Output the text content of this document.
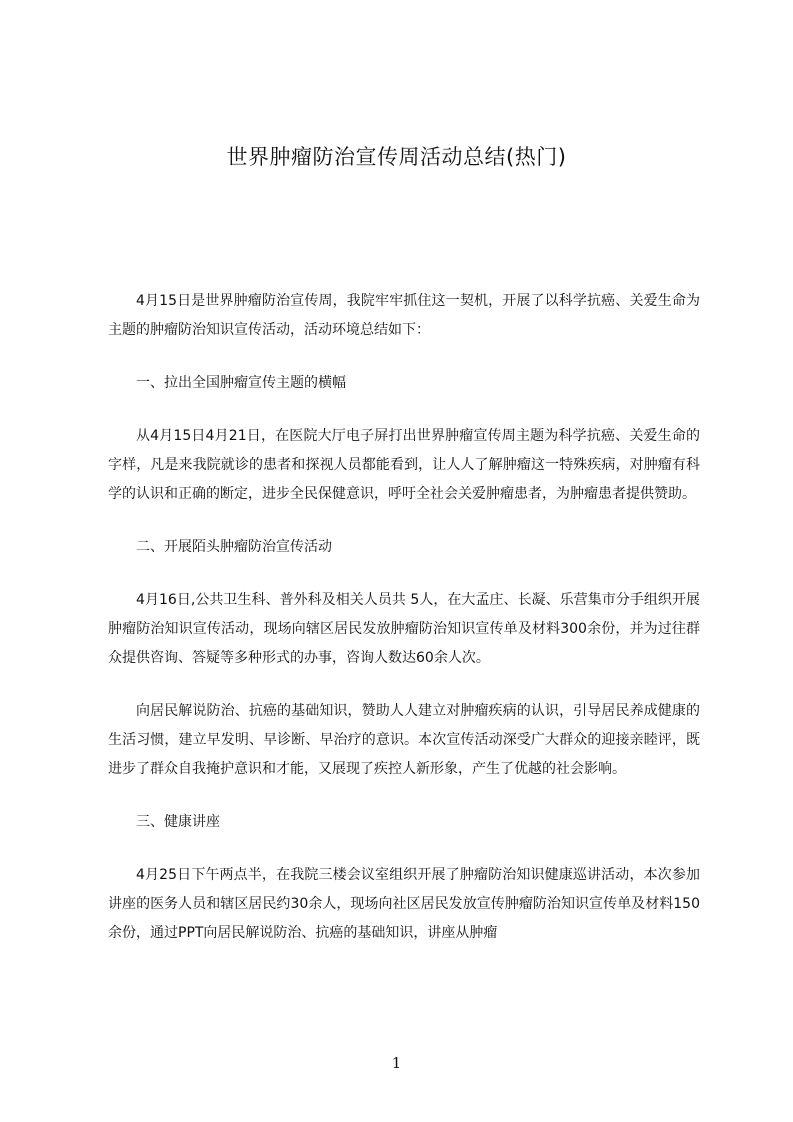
世界肿瘤防治宣传周活动总结(热门)

4月15日是世界肿瘤防治宣传周，我院牢牢抓住这一契机，开展了以科学抗癌、关爱生命为主题的肿瘤防治知识宣传活动，活动环境总结如下：

一、拉出全国肿瘤宣传主题的横幅

从4月15日4月21日，在医院大厅电子屏打出世界肿瘤宣传周主题为科学抗癌、关爱生命的字样，凡是来我院就诊的患者和探视人员都能看到，让人人了解肿瘤这一特殊疾病，对肿瘤有科学的认识和正确的断定，进步全民保健意识，呼吁全社会关爱肿瘤患者，为肿瘤患者提供赞助。

二、开展陌头肿瘤防治宣传活动

4月16日,公共卫生科、普外科及相关人员共 5人，在大孟庄、长凝、乐营集市分手组织开展肿瘤防治知识宣传活动，现场向辖区居民发放肿瘤防治知识宣传单及材料300余份，并为过往群众提供咨询、答疑等多种形式的办事，咨询人数达60余人次。

向居民解说防治、抗癌的基础知识，赞助人人建立对肿瘤疾病的认识，引导居民养成健康的生活习惯，建立早发明、早诊断、早治疗的意识。本次宣传活动深受广大群众的迎接亲睦评，既进步了群众自我掩护意识和才能，又展现了疾控人新形象，产生了优越的社会影响。

三、健康讲座

4月25日下午两点半，在我院三楼会议室组织开展了肿瘤防治知识健康巡讲活动，本次参加讲座的医务人员和辖区居民约30余人，现场向社区居民发放宣传肿瘤防治知识宣传单及材料150余份，通过PPT向居民解说防治、抗癌的基础知识，讲座从肿瘤

1
